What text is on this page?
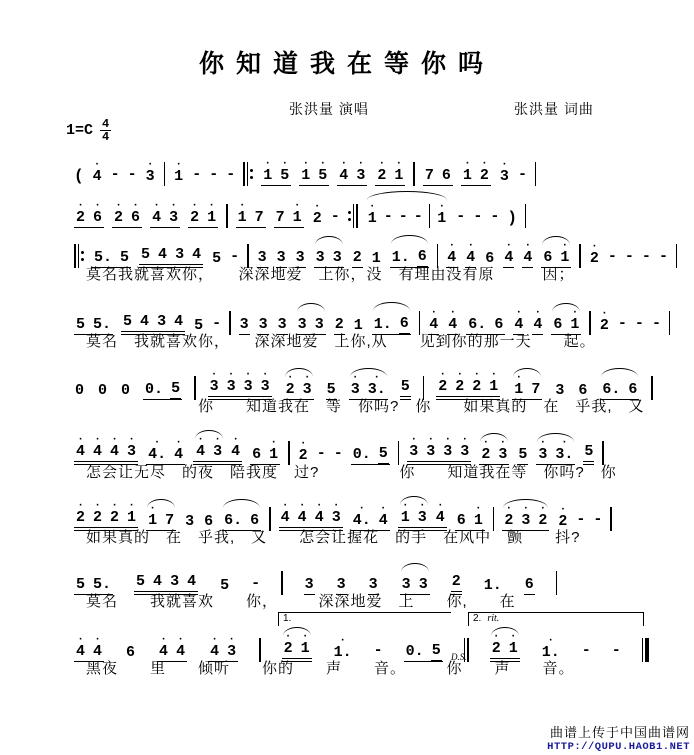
你知道我在等你吗
张洪量 演唱	张洪量 词曲
1=C 4
4
(
·
4 - -
·
3
·
1 - - -
·
1
·
5
·
1
·
5
·
4
·
3
·
2
·
1 7 6
·
1
·
2
·
3 -
·
2
·
6
·
2
·
6
·
4
·
3
·
2
·
1
·
1 7 7
·
1
·
2 -
·
1 - - -
·
1 - - - )
5. 5 5 4 3 4 5 - 3 3 3 3 3 2 1 1. 6
·
4
·
4 6
·
4
·
4 6
·
1
·
2 - - - -
莫名我就喜欢你，　　深深地爱　上你，没　有理由没有原　　　因；
5 5. 5 4 3 4 5 - 3 3 3 3 3 2 1 1. 6
·
4
·
4 6. 6
·
4
·
4 6
·
1
·
2 - - -
莫名　我就喜欢你，　　深深地爱　上你,从　　见到你的那一天　　起。
0 0 0 0. 5
·
3
·
3
·
3
·
3 ·
2
·
3 5
·
3
·
3. 5
·
2
·
2
·
2
·
1 ·
1 7 3 6 6. 6
　　　　　　　你　　知道我在　等　你吗?　你　　如果真的　在　乎我,　又
·
4
·
4
·
4
·
3 ·
4.
·
4
·
4
·
3
·
4 6
·
1
·
2 - - 0. 5
·
3
·
3
·
3
·
3 ·
2
·
3 5
·
3
·
3. 5
怎会让无尽　的夜　陪我度　过?　　　　　你　　知道我在等　你吗?　你
·
2
·
2
·
2
·
1 ·
1 7 3 6 6. 6
·
4
·
4
·
4
·
3 ·
4.
·
4
·
1
·
3
·
4 6
·
1
·
2
·
3
·
2
·
2 - -
如果真的　在　乎我,　又　　怎会让握花　的手　在风中　颤　　抖?
5 5. 5 4 3 4 5 -	3 3 3 3 3 2 1. 6
莫名　　我就喜欢　　你，　　　深深地爱　上　　你,　　在
·
4
·
4 6
·
4
·
4
·
4
·
3
·
2
·
1	·
1. - 0. 5
·
2
·
1	·
1. - -
黑夜　　里　　倾听　　你的　　声　　音。　　　你　　声　　音。
1.	2. rit.
D.S.
曲谱上传于中国曲谱网
HTTP://QUPU.HAOB1.NET
